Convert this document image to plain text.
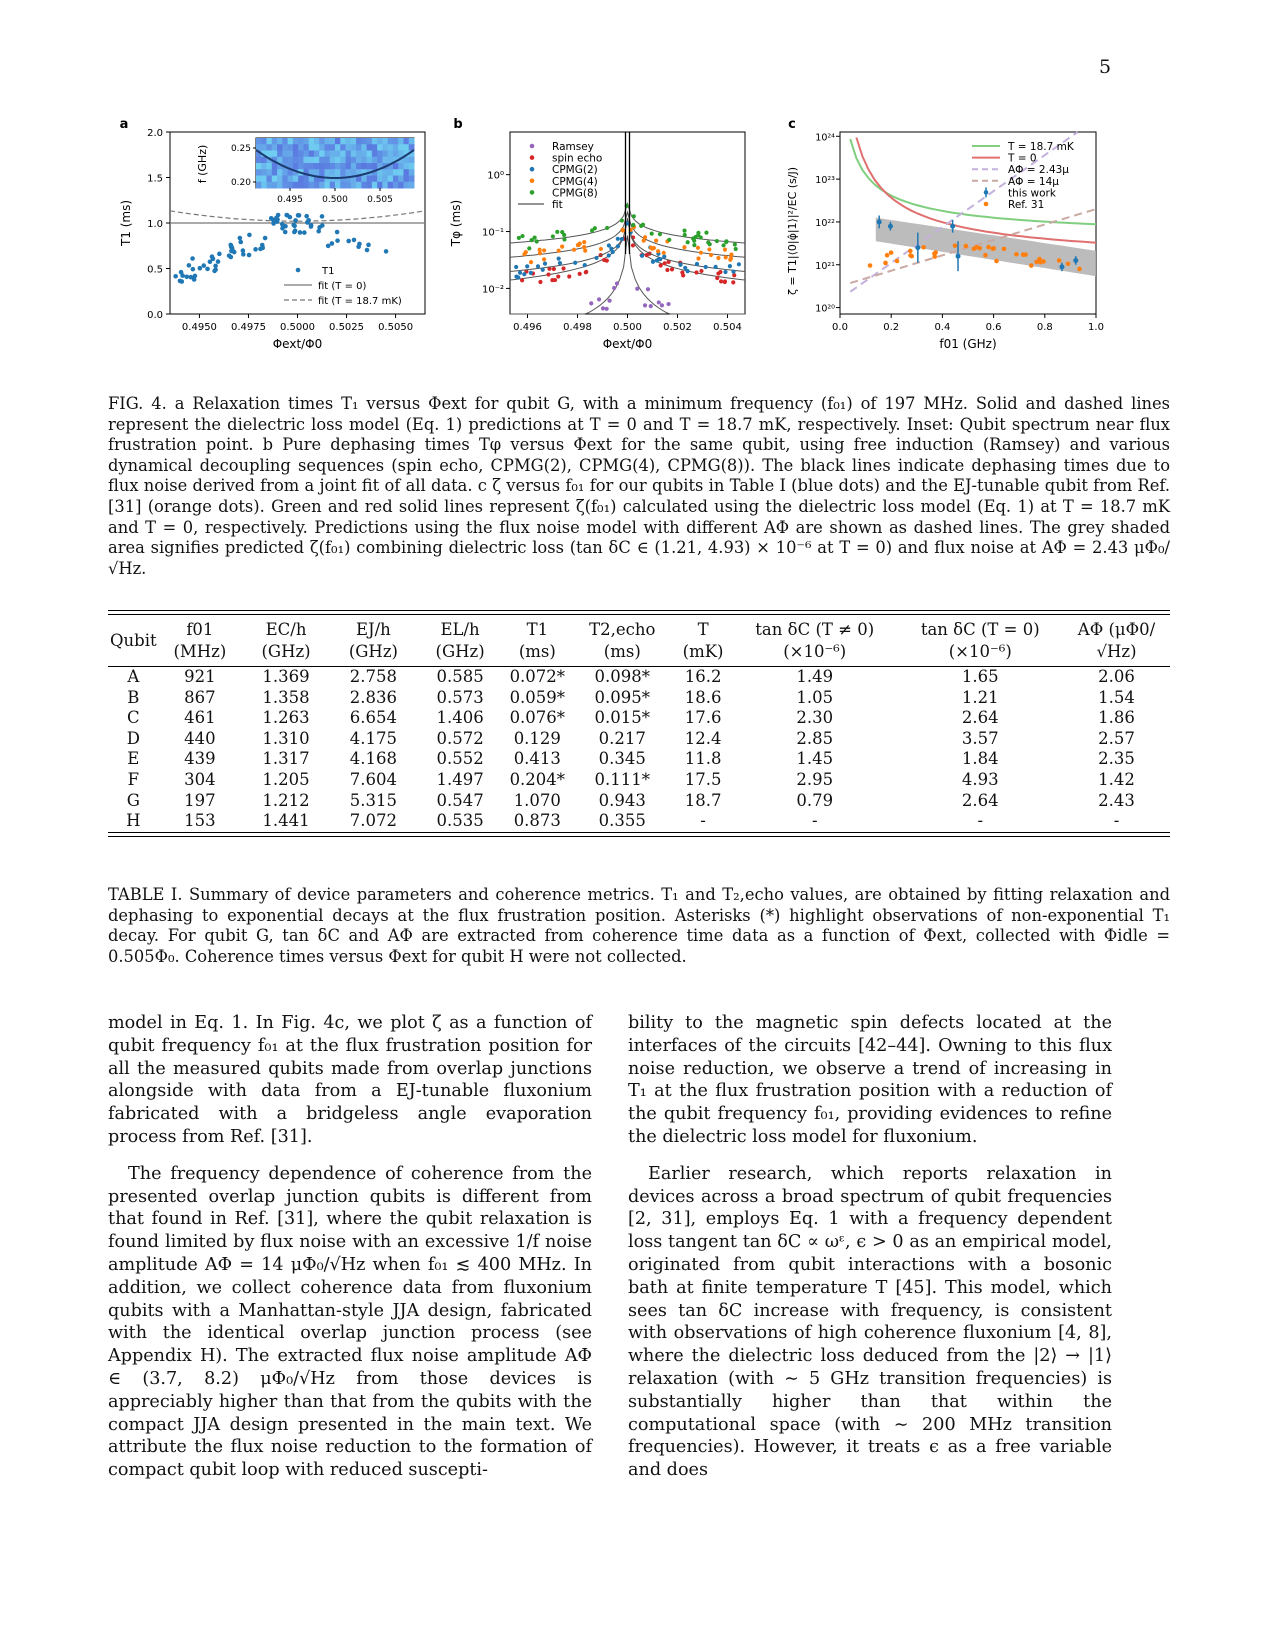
5
a
0.0
0.5
1.0
1.5
2.0
0.4950 0.4975 0.5000 0.5025 0.5050
Φext/Φ0
T1 (ms)
0.20
0.25
0.495 0.500 0.505
f (GHz)
T1
fit (T = 0)
fit (T = 18.7 mK)
b
10⁰
10⁻¹
10⁻²
0.496 0.498 0.500 0.502 0.504
Φext/Φ0
Tφ (ms)
Ramsey
spin echo
CPMG(2)
CPMG(4)
CPMG(8)
fit
c
10²⁴
10²³
10²²
10²¹
10²⁰
0.0	0.2	0.4	0.6	0.8	1.0
f01 (GHz)
ζ = T1|⟨0|φ̂|1⟩|²/EC (s/J)
T = 18.7 mK
T = 0
AΦ = 2.43μ
AΦ = 14μ
this work
Ref. 31
FIG. 4. a Relaxation times T₁ versus Φext for qubit G, with a minimum frequency (f₀₁) of 197 MHz. Solid and dashed lines represent the dielectric loss model (Eq. 1) predictions at T = 0 and T = 18.7 mK, respectively. Inset: Qubit spectrum near flux frustration point. b Pure dephasing times Tφ versus Φext for the same qubit, using free induction (Ramsey) and various dynamical decoupling sequences (spin echo, CPMG(2), CPMG(4), CPMG(8)). The black lines indicate dephasing times due to flux noise derived from a joint fit of all data. c ζ versus f₀₁ for our qubits in Table I (blue dots) and the EJ-tunable qubit from Ref. [31] (orange dots). Green and red solid lines represent ζ(f₀₁) calculated using the dielectric loss model (Eq. 1) at T = 18.7 mK and T = 0, respectively. Predictions using the flux noise model with different AΦ are shown as dashed lines. The grey shaded area signifies predicted ζ(f₀₁) combining dielectric loss (tan δC ∈ (1.21, 4.93) × 10⁻⁶ at T = 0) and flux noise at AΦ = 2.43 μΦ₀/√Hz.
Qubit	f01 (MHz)	EC/h (GHz)	EJ/h (GHz)	EL/h (GHz)	T1 (ms)	T2,echo (ms)	T (mK)	tan δC (T ≠ 0) (×10⁻⁶)	tan δC (T = 0) (×10⁻⁶)	AΦ (μΦ0/√Hz)

A	921	1.369	2.758	0.585	0.072*	0.098*	16.2	1.49	1.65	2.06
B	867	1.358	2.836	0.573	0.059*	0.095*	18.6	1.05	1.21	1.54
C	461	1.263	6.654	1.406	0.076*	0.015*	17.6	2.30	2.64	1.86
D	440	1.310	4.175	0.572	0.129	0.217	12.4	2.85	3.57	2.57
E	439	1.317	4.168	0.552	0.413	0.345	11.8	1.45	1.84	2.35
F	304	1.205	7.604	1.497	0.204*	0.111*	17.5	2.95	4.93	1.42
G	197	1.212	5.315	0.547	1.070	0.943	18.7	0.79	2.64	2.43
H	153	1.441	7.072	0.535	0.873	0.355	-	-	-	-
TABLE I. Summary of device parameters and coherence metrics. T₁ and T₂,echo values, are obtained by fitting relaxation and dephasing to exponential decays at the flux frustration position. Asterisks (*) highlight observations of non-exponential T₁ decay. For qubit G, tan δC and AΦ are extracted from coherence time data as a function of Φext, collected with Φidle = 0.505Φ₀. Coherence times versus Φext for qubit H were not collected.

model in Eq. 1. In Fig. 4c, we plot ζ as a function of qubit frequency f₀₁ at the flux frustration position for all the measured qubits made from overlap junctions alongside with data from a EJ-tunable fluxonium fabricated with a bridgeless angle evaporation process from Ref. [31].

The frequency dependence of coherence from the presented overlap junction qubits is different from that found in Ref. [31], where the qubit relaxation is found limited by flux noise with an excessive 1/f noise amplitude AΦ = 14 μΦ₀/√Hz when f₀₁ ≲ 400 MHz. In addition, we collect coherence data from fluxonium qubits with a Manhattan-style JJA design, fabricated with the identical overlap junction process (see Appendix H). The extracted flux noise amplitude AΦ ∈ (3.7, 8.2) μΦ₀/√Hz from those devices is appreciably higher than that from the qubits with the compact JJA design presented in the main text. We attribute the flux noise reduction to the formation of compact qubit loop with reduced suscepti-

bility to the magnetic spin defects located at the interfaces of the circuits [42–44]. Owning to this flux noise reduction, we observe a trend of increasing in T₁ at the flux frustration position with a reduction of the qubit frequency f₀₁, providing evidences to refine the dielectric loss model for fluxonium.

Earlier research, which reports relaxation in devices across a broad spectrum of qubit frequencies [2, 31], employs Eq. 1 with a frequency dependent loss tangent tan δC ∝ ωᵋ, ϵ > 0 as an empirical model, originated from qubit interactions with a bosonic bath at finite temperature T [45]. This model, which sees tan δC increase with frequency, is consistent with observations of high coherence fluxonium [4, 8], where the dielectric loss deduced from the |2⟩ → |1⟩ relaxation (with ∼ 5 GHz transition frequencies) is substantially higher than that within the computational space (with ∼ 200 MHz transition frequencies). However, it treats ϵ as a free variable and does
